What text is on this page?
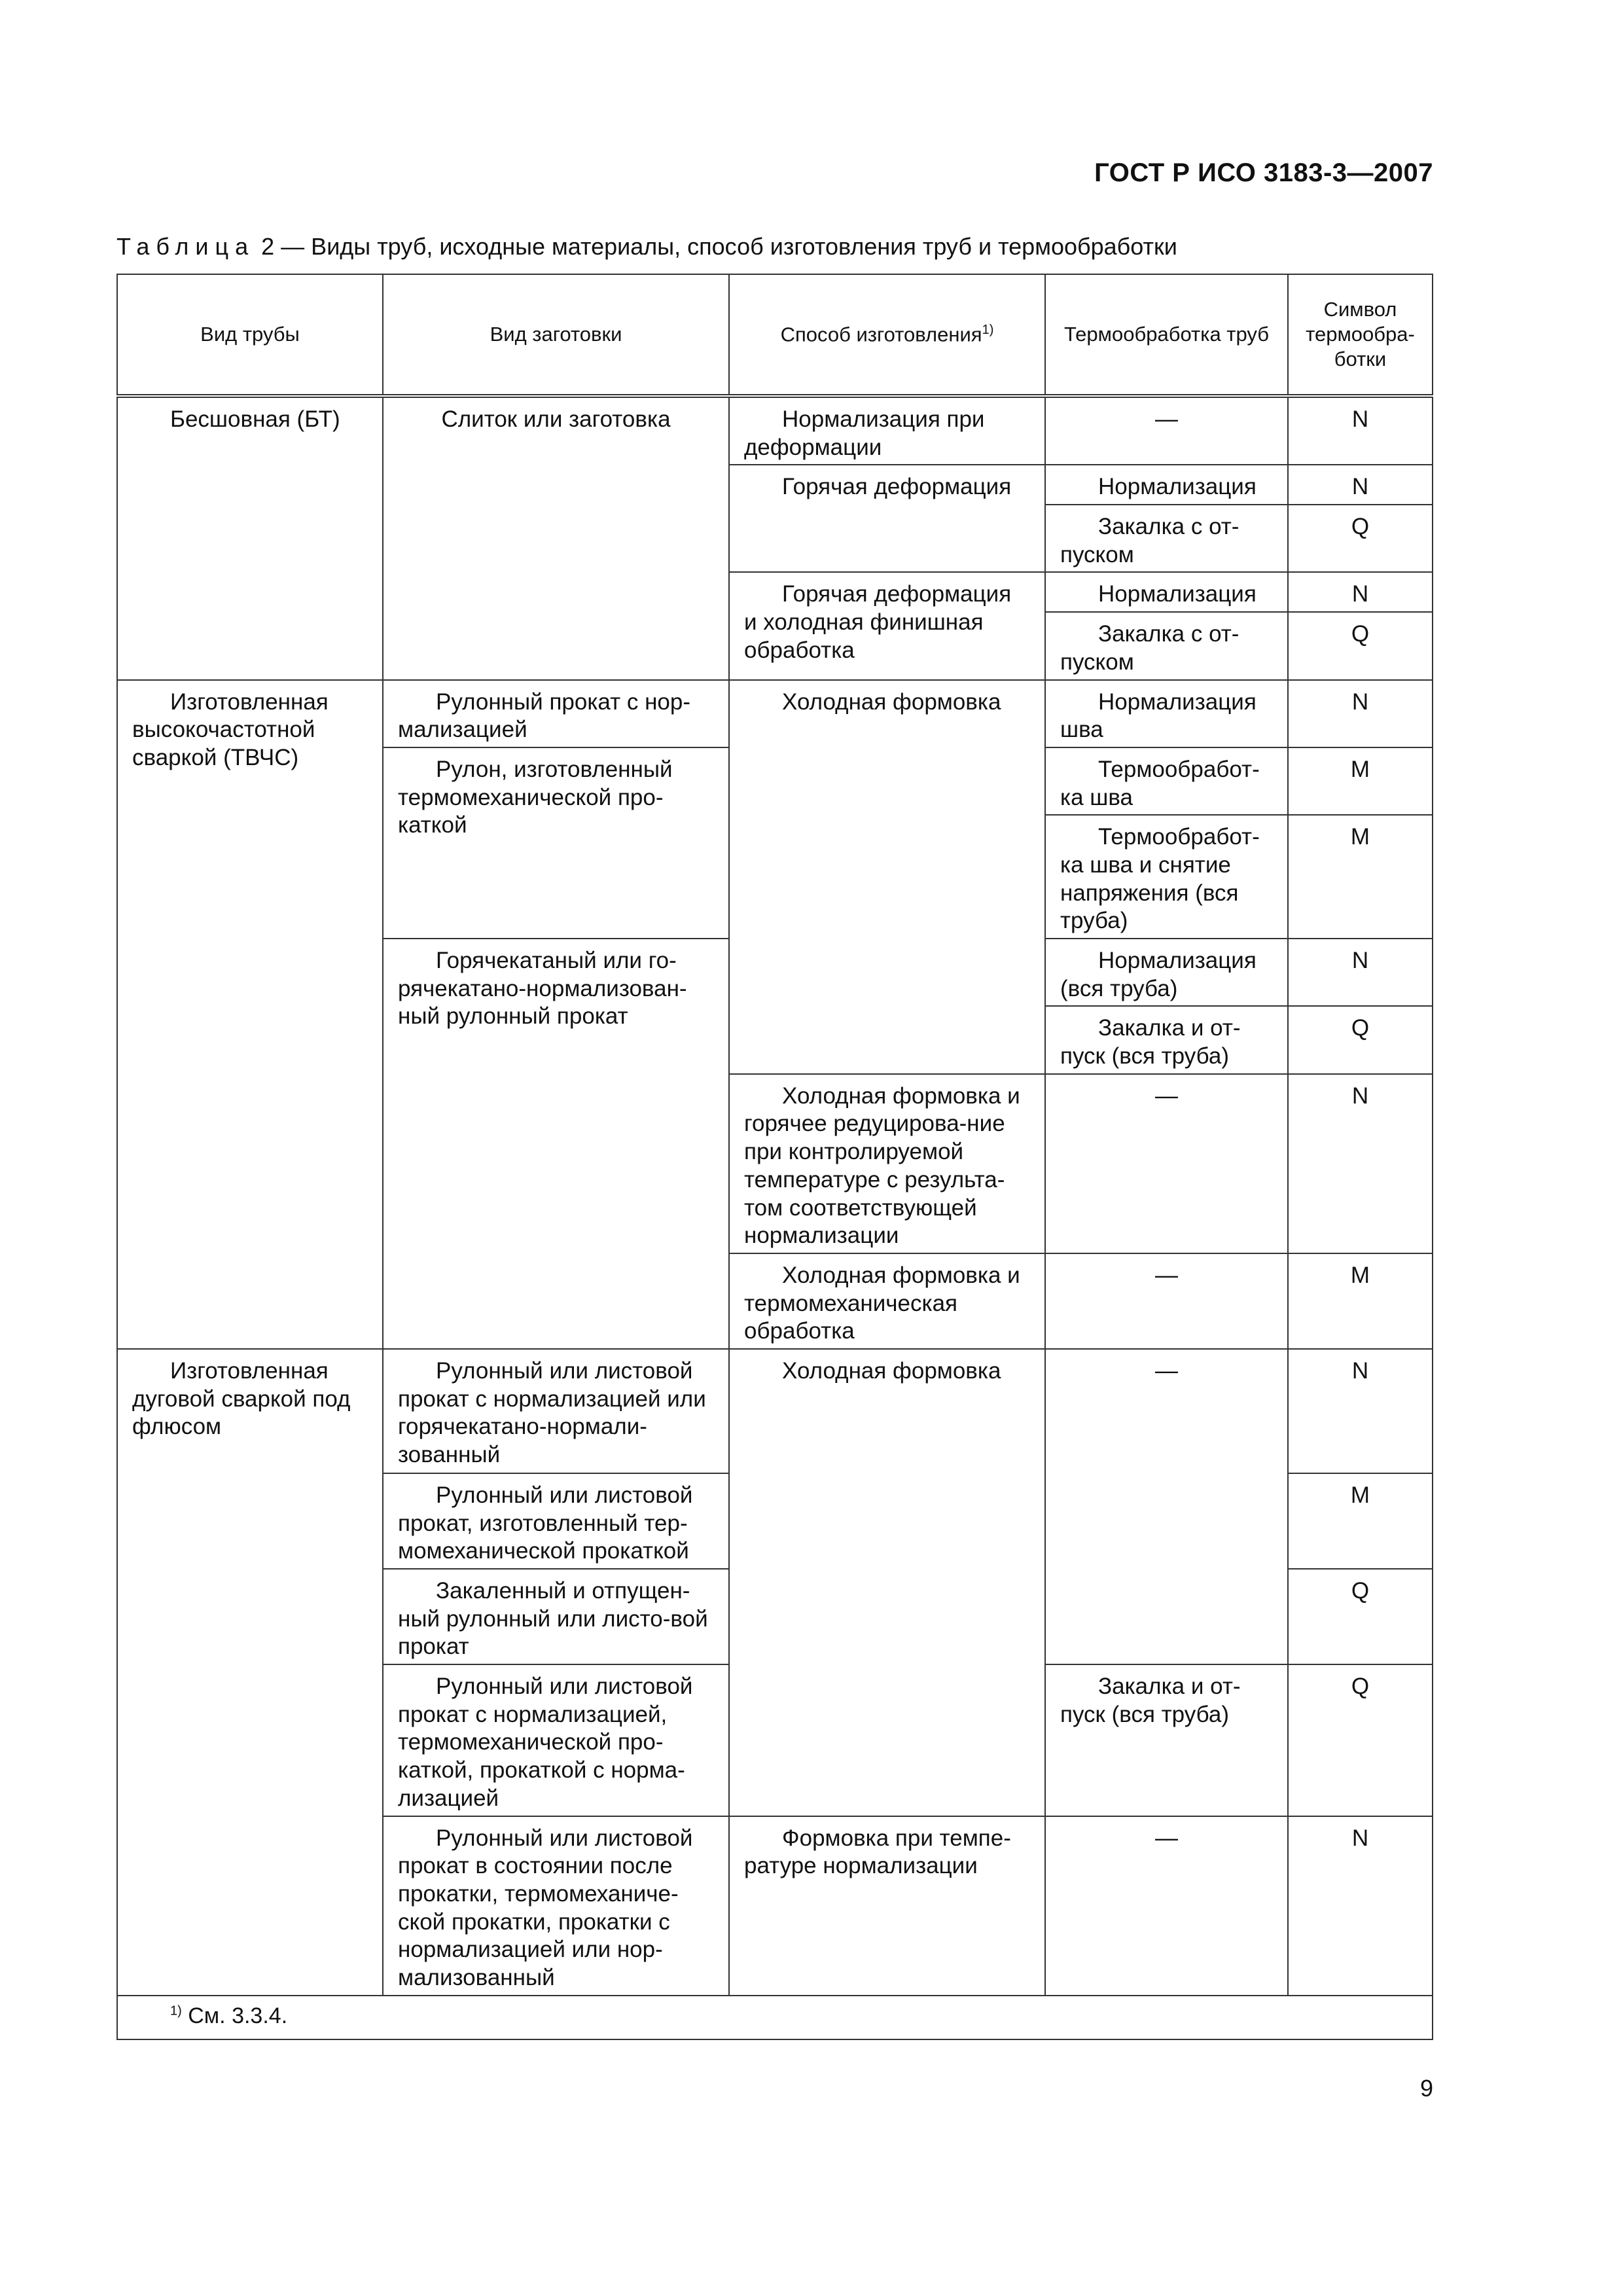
ГОСТ Р ИСО 3183-3—2007
Таблица 2 — Виды труб, исходные материалы, способ изготовления труб и термообработки
Вид трубы	Вид заготовки	Способ изготовления$^{1)}$	Термообработка труб	Символ термообра-ботки
Бесшовная (БТ)	Слиток или заготовка	Нормализация при деформации	—	N
		Горячая деформация	Нормализация	N
			Закалка с от-пуском	Q
		Горячая деформация и холодная финишная обработка	Нормализация	N
			Закалка с от-пуском	Q
Изготовленная высокочастотной сваркой (ТВЧС)	Рулонный прокат с нор-мализацией	Холодная формовка	Нормализация шва	N
	Рулон, изготовленный термомеханической про-каткой		Термообработ-ка шва	M
			Термообработ-ка шва и снятие напряжения (вся труба)	M
	Горячекатаный или го-рячекатано-нормализован-ный рулонный прокат		Нормализация (вся труба)	N
			Закалка и от-пуск (вся труба)	Q
		Холодная формовка и горячее редуцирова-ние при контролируемой температуре с результа-том соответствующей нормализации	—	N
		Холодная формовка и термомеханическая обработка	—	M
Изготовленная дуговой сваркой под флюсом	Рулонный или листовой прокат с нормализацией или горячекатано-нормали-зованный	Холодная формовка	—	N
	Рулонный или листовой прокат, изготовленный тер-момеханической прокаткой			M
	Закаленный и отпущен-ный рулонный или листо-вой прокат			Q
	Рулонный или листовой прокат с нормализацией, термомеханической про-каткой, прокаткой с норма-лизацией		Закалка и от-пуск (вся труба)	Q
	Рулонный или листовой прокат в состоянии после прокатки, термомеханиче-ской прокатки, прокатки с нормализацией или нор-мализованный	Формовка при темпе-ратуре нормализации	—	N
$^{1)}$ См. 3.3.4.				
9
